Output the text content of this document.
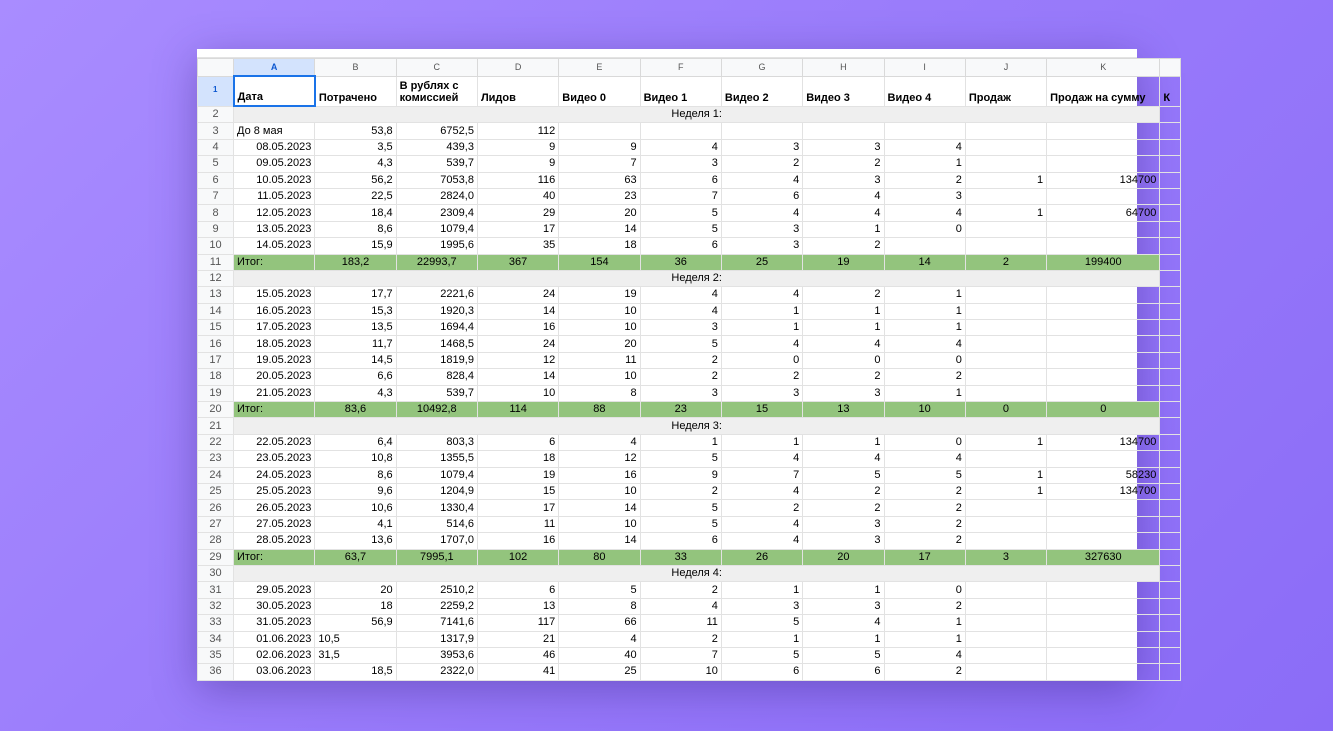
	A	B	C	D	E	F	G	H	I	J	K	
1	Дата	Потрачено	В рублях с комиссией	Лидов	Видео 0	Видео 1	Видео 2	Видео 3	Видео 4	Продаж	Продаж на сумму	К
2	Неделя 1:											
3	До 8 мая	53,8	6752,5	112								
4	08.05.2023	3,5	439,3	9	9	4	3	3	4			
5	09.05.2023	4,3	539,7	9	7	3	2	2	1			
6	10.05.2023	56,2	7053,8	116	63	6	4	3	2	1	134700	
7	11.05.2023	22,5	2824,0	40	23	7	6	4	3			
8	12.05.2023	18,4	2309,4	29	20	5	4	4	4	1	64700	
9	13.05.2023	8,6	1079,4	17	14	5	3	1	0			
10	14.05.2023	15,9	1995,6	35	18	6	3	2				
11	Итог:	183,2	22993,7	367	154	36	25	19	14	2	199400	
12	Неделя 2:											
13	15.05.2023	17,7	2221,6	24	19	4	4	2	1			
14	16.05.2023	15,3	1920,3	14	10	4	1	1	1			
15	17.05.2023	13,5	1694,4	16	10	3	1	1	1			
16	18.05.2023	11,7	1468,5	24	20	5	4	4	4			
17	19.05.2023	14,5	1819,9	12	11	2	0	0	0			
18	20.05.2023	6,6	828,4	14	10	2	2	2	2			
19	21.05.2023	4,3	539,7	10	8	3	3	3	1			
20	Итог:	83,6	10492,8	114	88	23	15	13	10	0	0	
21	Неделя 3:											
22	22.05.2023	6,4	803,3	6	4	1	1	1	0	1	134700	
23	23.05.2023	10,8	1355,5	18	12	5	4	4	4			
24	24.05.2023	8,6	1079,4	19	16	9	7	5	5	1	58230	
25	25.05.2023	9,6	1204,9	15	10	2	4	2	2	1	134700	
26	26.05.2023	10,6	1330,4	17	14	5	2	2	2			
27	27.05.2023	4,1	514,6	11	10	5	4	3	2			
28	28.05.2023	13,6	1707,0	16	14	6	4	3	2			
29	Итог:	63,7	7995,1	102	80	33	26	20	17	3	327630	
30	Неделя 4:											
31	29.05.2023	20	2510,2	6	5	2	1	1	0			
32	30.05.2023	18	2259,2	13	8	4	3	3	2			
33	31.05.2023	56,9	7141,6	117	66	11	5	4	1			
34	01.06.2023	10,5	1317,9	21	4	2	1	1	1			
35	02.06.2023	31,5	3953,6	46	40	7	5	5	4			
36	03.06.2023	18,5	2322,0	41	25	10	6	6	2			
